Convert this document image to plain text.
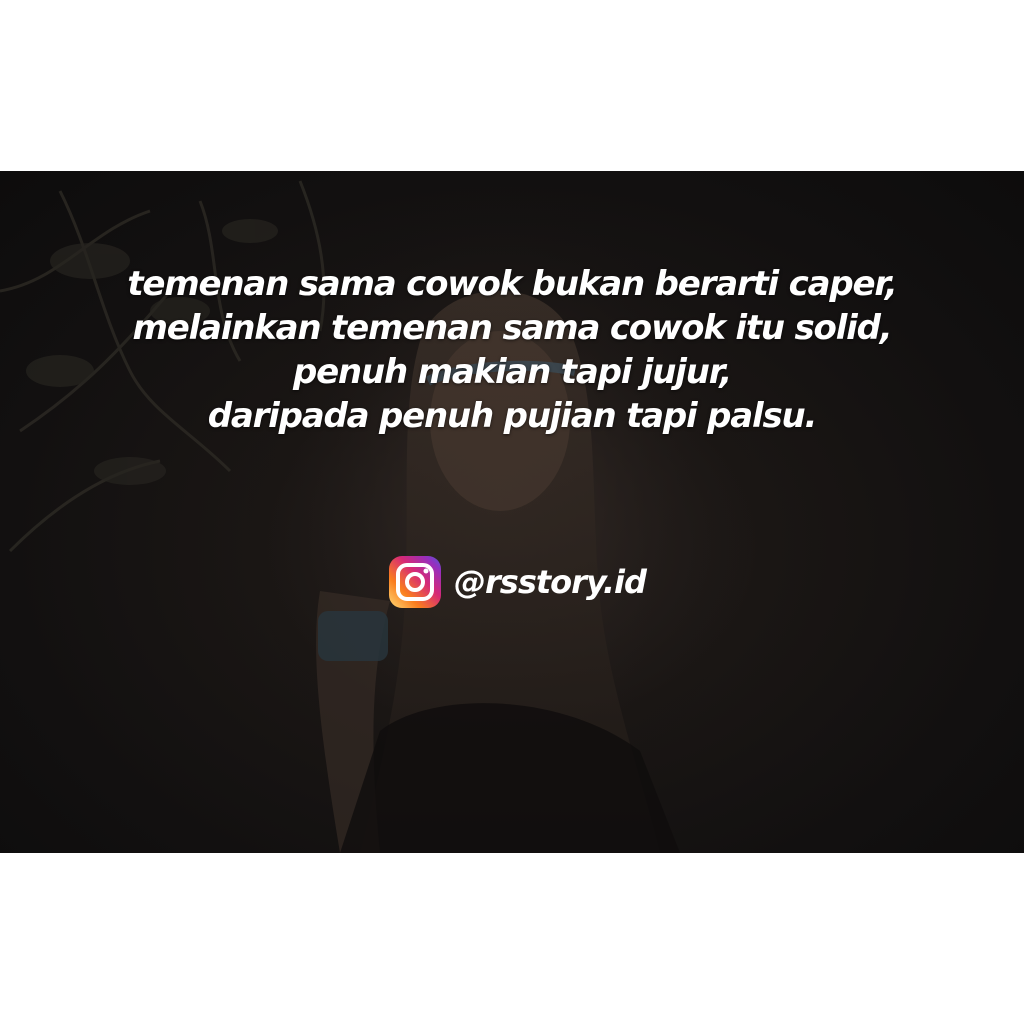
temenan sama cowok bukan berarti caper,
melainkan temenan sama cowok itu solid,
penuh makian tapi jujur,
daripada penuh pujian tapi palsu.
@rsstory.id
